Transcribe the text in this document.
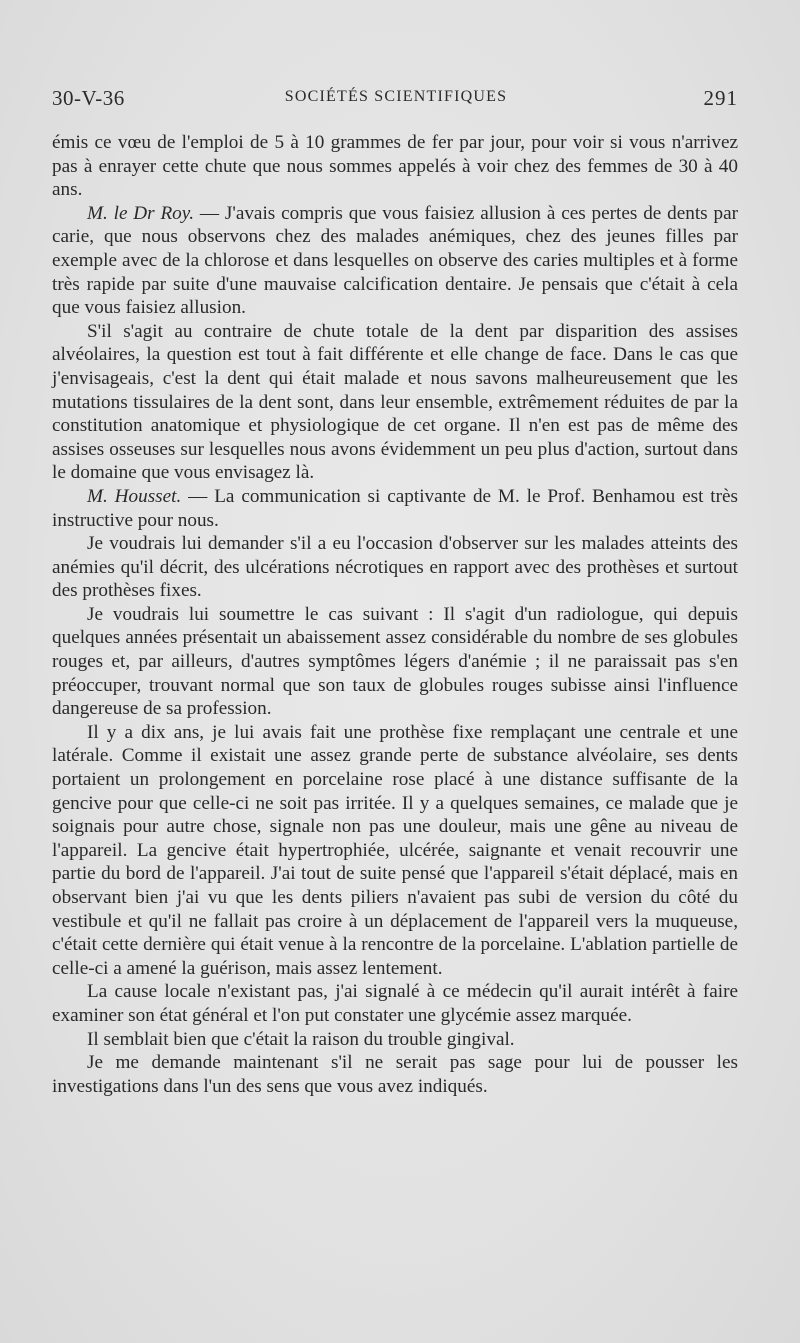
30-V-36	SOCIÉTÉS SCIENTIFIQUES	291

émis ce vœu de l'emploi de 5 à 10 grammes de fer par jour, pour voir si vous n'arrivez pas à enrayer cette chute que nous sommes appelés à voir chez des femmes de 30 à 40 ans.

M. le Dr Roy. — J'avais compris que vous faisiez allusion à ces pertes de dents par carie, que nous observons chez des malades anémiques, chez des jeunes filles par exemple avec de la chlorose et dans lesquelles on observe des caries multiples et à forme très rapide par suite d'une mauvaise calcification dentaire. Je pensais que c'était à cela que vous faisiez allusion.

S'il s'agit au contraire de chute totale de la dent par disparition des assises alvéolaires, la question est tout à fait différente et elle change de face. Dans le cas que j'envisageais, c'est la dent qui était malade et nous savons malheureusement que les mutations tissulaires de la dent sont, dans leur ensemble, extrêmement réduites de par la constitution anatomique et physiologique de cet organe. Il n'en est pas de même des assises osseuses sur lesquelles nous avons évidemment un peu plus d'action, surtout dans le domaine que vous envisagez là.

M. Housset. — La communication si captivante de M. le Prof. Benhamou est très instructive pour nous.

Je voudrais lui demander s'il a eu l'occasion d'observer sur les malades atteints des anémies qu'il décrit, des ulcérations nécrotiques en rapport avec des prothèses et surtout des prothèses fixes.

Je voudrais lui soumettre le cas suivant : Il s'agit d'un radiologue, qui depuis quelques années présentait un abaissement assez considérable du nombre de ses globules rouges et, par ailleurs, d'autres symptômes légers d'anémie ; il ne paraissait pas s'en préoccuper, trouvant normal que son taux de globules rouges subisse ainsi l'influence dangereuse de sa profession.

Il y a dix ans, je lui avais fait une prothèse fixe remplaçant une centrale et une latérale. Comme il existait une assez grande perte de substance alvéolaire, ses dents portaient un prolongement en porcelaine rose placé à une distance suffisante de la gencive pour que celle-ci ne soit pas irritée. Il y a quelques semaines, ce malade que je soignais pour autre chose, signale non pas une douleur, mais une gêne au niveau de l'appareil. La gencive était hypertrophiée, ulcérée, saignante et venait recouvrir une partie du bord de l'appareil. J'ai tout de suite pensé que l'appareil s'était déplacé, mais en observant bien j'ai vu que les dents piliers n'avaient pas subi de version du côté du vestibule et qu'il ne fallait pas croire à un déplacement de l'appareil vers la muqueuse, c'était cette dernière qui était venue à la rencontre de la porcelaine. L'ablation partielle de celle-ci a amené la guérison, mais assez lentement.

La cause locale n'existant pas, j'ai signalé à ce médecin qu'il aurait intérêt à faire examiner son état général et l'on put constater une glycémie assez marquée.

Il semblait bien que c'était la raison du trouble gingival.

Je me demande maintenant s'il ne serait pas sage pour lui de pousser les investigations dans l'un des sens que vous avez indiqués.
